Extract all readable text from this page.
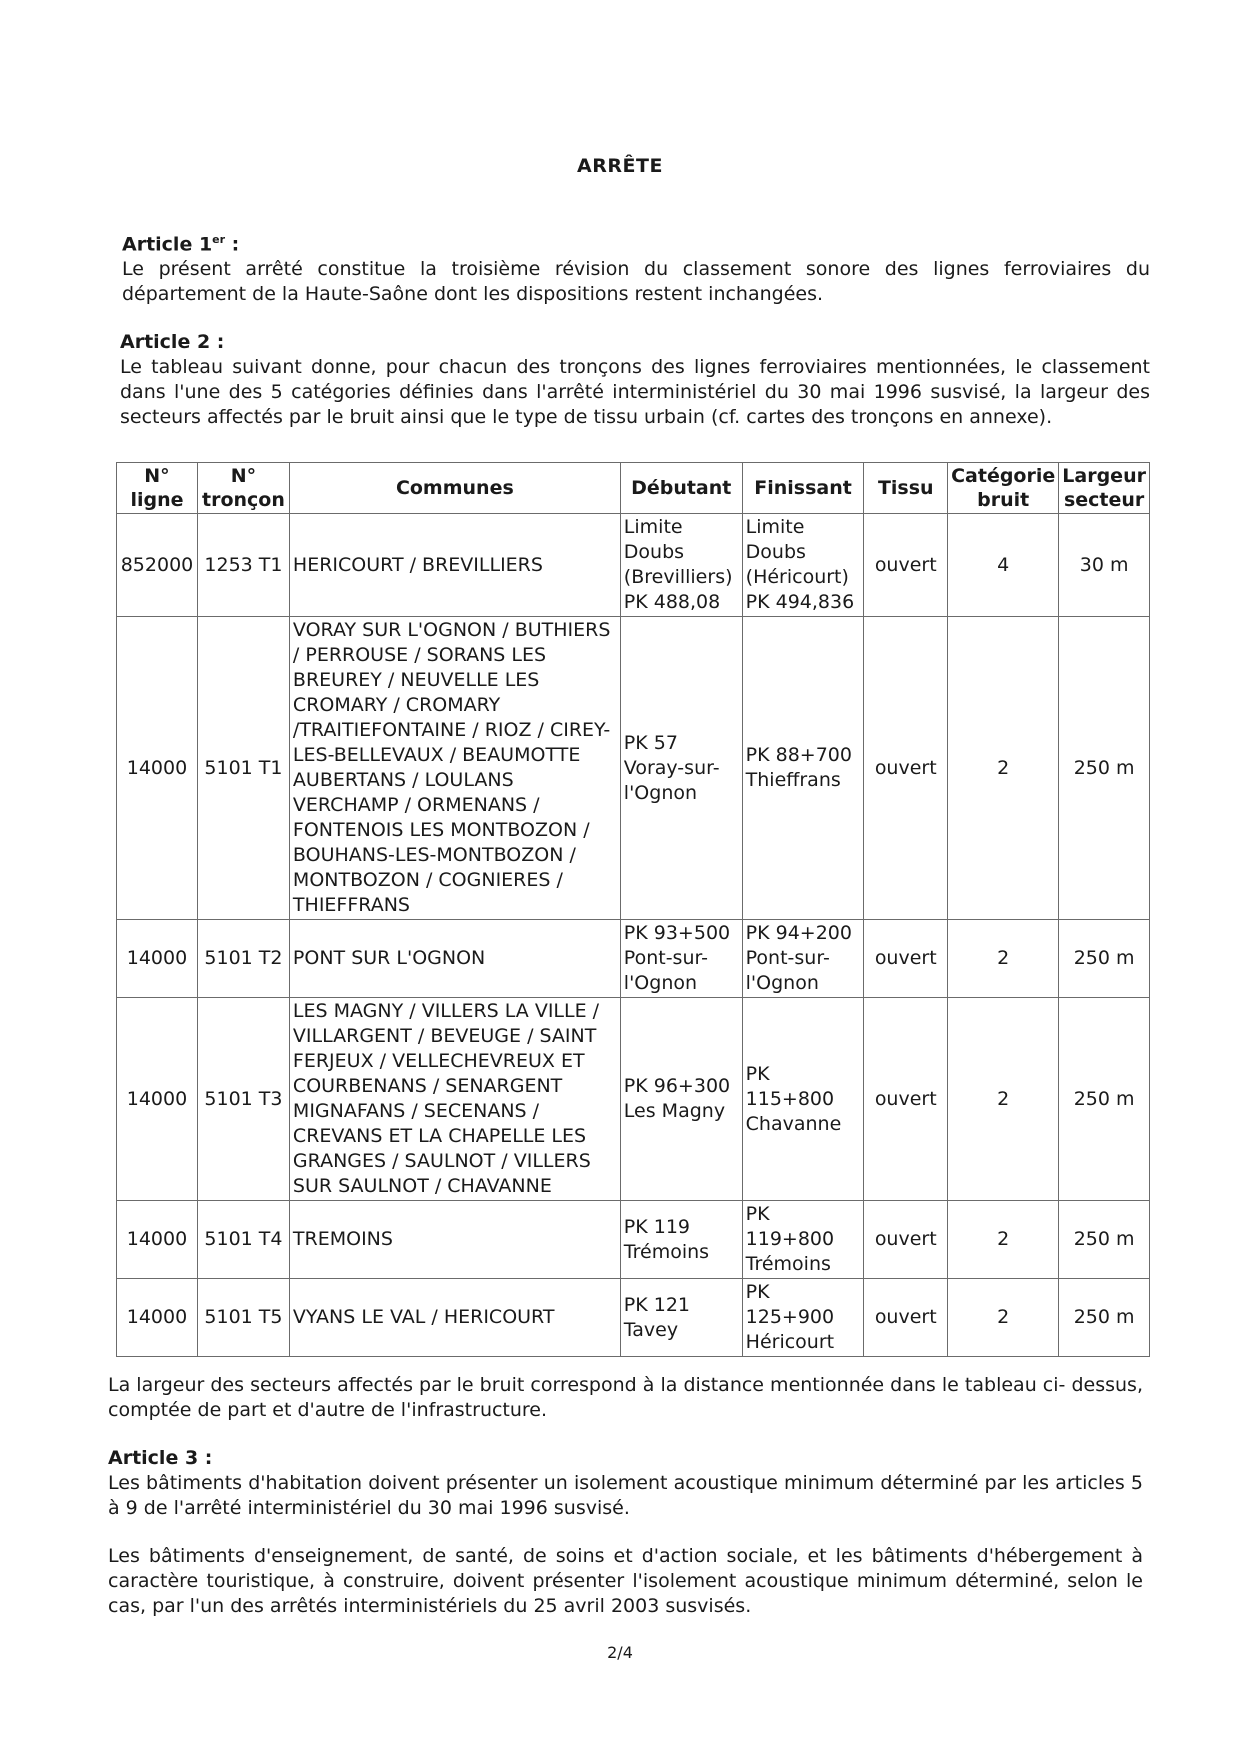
ARRÊTE

Article 1er :

Le présent arrêté constitue la troisième révision du classement sonore des lignes ferroviaires du département de la Haute-Saône dont les dispositions restent inchangées.

Article 2 :

Le tableau suivant donne, pour chacun des tronçons des lignes ferroviaires mentionnées, le classement dans l'une des 5 catégories définies dans l'arrêté interministériel du 30 mai 1996 susvisé, la largeur des secteurs affectés par le bruit ainsi que le type de tissu urbain (cf. cartes des tronçons en annexe).

N° ligne	N° tronçon	Communes	Débutant	Finissant	Tissu	Catégorie bruit	Largeur secteur
852000	1253 T1	HERICOURT / BREVILLIERS	Limite Doubs (Brevilliers) PK 488,08	Limite Doubs (Héricourt) PK 494,836	ouvert	4	30 m
14000	5101 T1	VORAY SUR L'OGNON / BUTHIERS / PERROUSE / SORANS LES BREUREY / NEUVELLE LES CROMARY / CROMARY /TRAITIEFONTAINE / RIOZ / CIREY-LES-BELLEVAUX / BEAUMOTTE AUBERTANS / LOULANS VERCHAMP / ORMENANS / FONTENOIS LES MONTBOZON / BOUHANS-LES-MONTBOZON / MONTBOZON / COGNIERES / THIEFFRANS	PK 57 Voray-sur-l'Ognon	PK 88+700 Thieffrans	ouvert	2	250 m
14000	5101 T2	PONT SUR L'OGNON	PK 93+500 Pont-sur-l'Ognon	PK 94+200 Pont-sur-l'Ognon	ouvert	2	250 m
14000	5101 T3	LES MAGNY / VILLERS LA VILLE / VILLARGENT / BEVEUGE / SAINT FERJEUX / VELLECHEVREUX ET COURBENANS / SENARGENT MIGNAFANS / SECENANS / CREVANS ET LA CHAPELLE LES GRANGES / SAULNOT / VILLERS SUR SAULNOT / CHAVANNE	PK 96+300 Les Magny	PK 115+800 Chavanne	ouvert	2	250 m
14000	5101 T4	TREMOINS	PK 119 Trémoins	PK 119+800 Trémoins	ouvert	2	250 m
14000	5101 T5	VYANS LE VAL / HERICOURT	PK 121 Tavey	PK 125+900 Héricourt	ouvert	2	250 m

La largeur des secteurs affectés par le bruit correspond à la distance mentionnée dans le tableau ci- dessus, comptée de part et d'autre de l'infrastructure.

Article 3 :

Les bâtiments d'habitation doivent présenter un isolement acoustique minimum déterminé par les articles 5 à 9 de l'arrêté interministériel du 30 mai 1996 susvisé.

Les bâtiments d'enseignement, de santé, de soins et d'action sociale, et les bâtiments d'hébergement à caractère touristique, à construire, doivent présenter l'isolement acoustique minimum déterminé, selon le cas, par l'un des arrêtés interministériels du 25 avril 2003 susvisés.

2/4
